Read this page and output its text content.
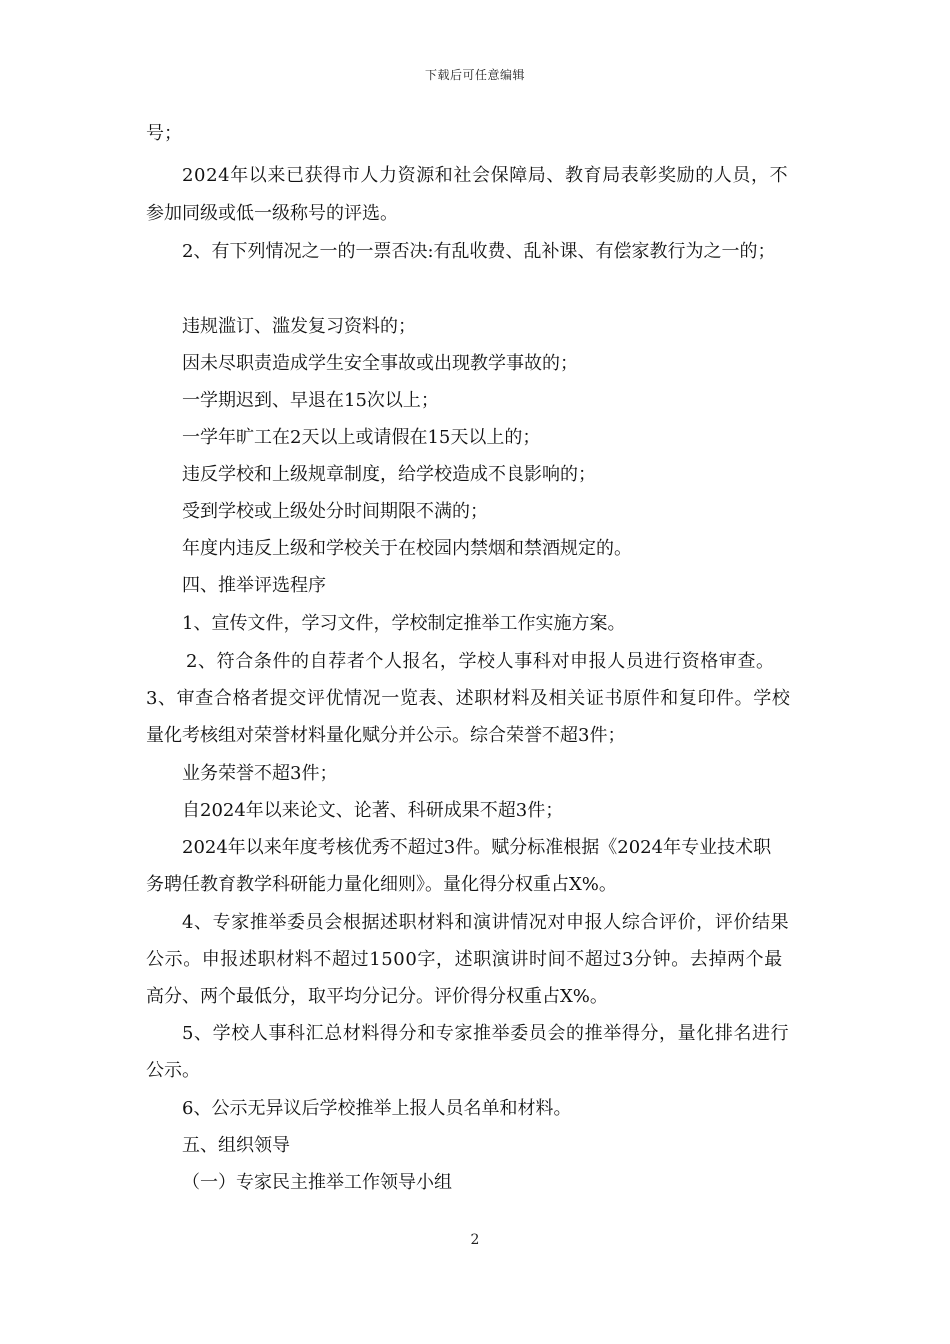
下载后可任意编辑
号；
2024年以来已获得市人力资源和社会保障局、教育局表彰奖励的人员，不
参加同级或低一级称号的评选。
2、有下列情况之一的一票否决:有乱收费、乱补课、有偿家教行为之一的；
违规滥订、滥发复习资料的；
因未尽职责造成学生安全事故或出现教学事故的；
一学期迟到、早退在15次以上；
一学年旷工在2天以上或请假在15天以上的；
违反学校和上级规章制度，给学校造成不良影响的；
受到学校或上级处分时间期限不满的；
年度内违反上级和学校关于在校园内禁烟和禁酒规定的。
四、推举评选程序
1、宣传文件，学习文件，学校制定推举工作实施方案。
2、符合条件的自荐者个人报名，学校人事科对申报人员进行资格审查。
3、审查合格者提交评优情况一览表、述职材料及相关证书原件和复印件。学校
量化考核组对荣誉材料量化赋分并公示。综合荣誉不超3件；
业务荣誉不超3件；
自2024年以来论文、论著、科研成果不超3件；
2024年以来年度考核优秀不超过3件。赋分标准根据《2024年专业技术职
务聘任教育教学科研能力量化细则》。量化得分权重占X%。
4、专家推举委员会根据述职材料和演讲情况对申报人综合评价，评价结果
公示。申报述职材料不超过1500字，述职演讲时间不超过3分钟。去掉两个最
高分、两个最低分，取平均分记分。评价得分权重占X%。
5、学校人事科汇总材料得分和专家推举委员会的推举得分，量化排名进行
公示。
6、公示无异议后学校推举上报人员名单和材料。
五、组织领导
（一）专家民主推举工作领导小组
2
